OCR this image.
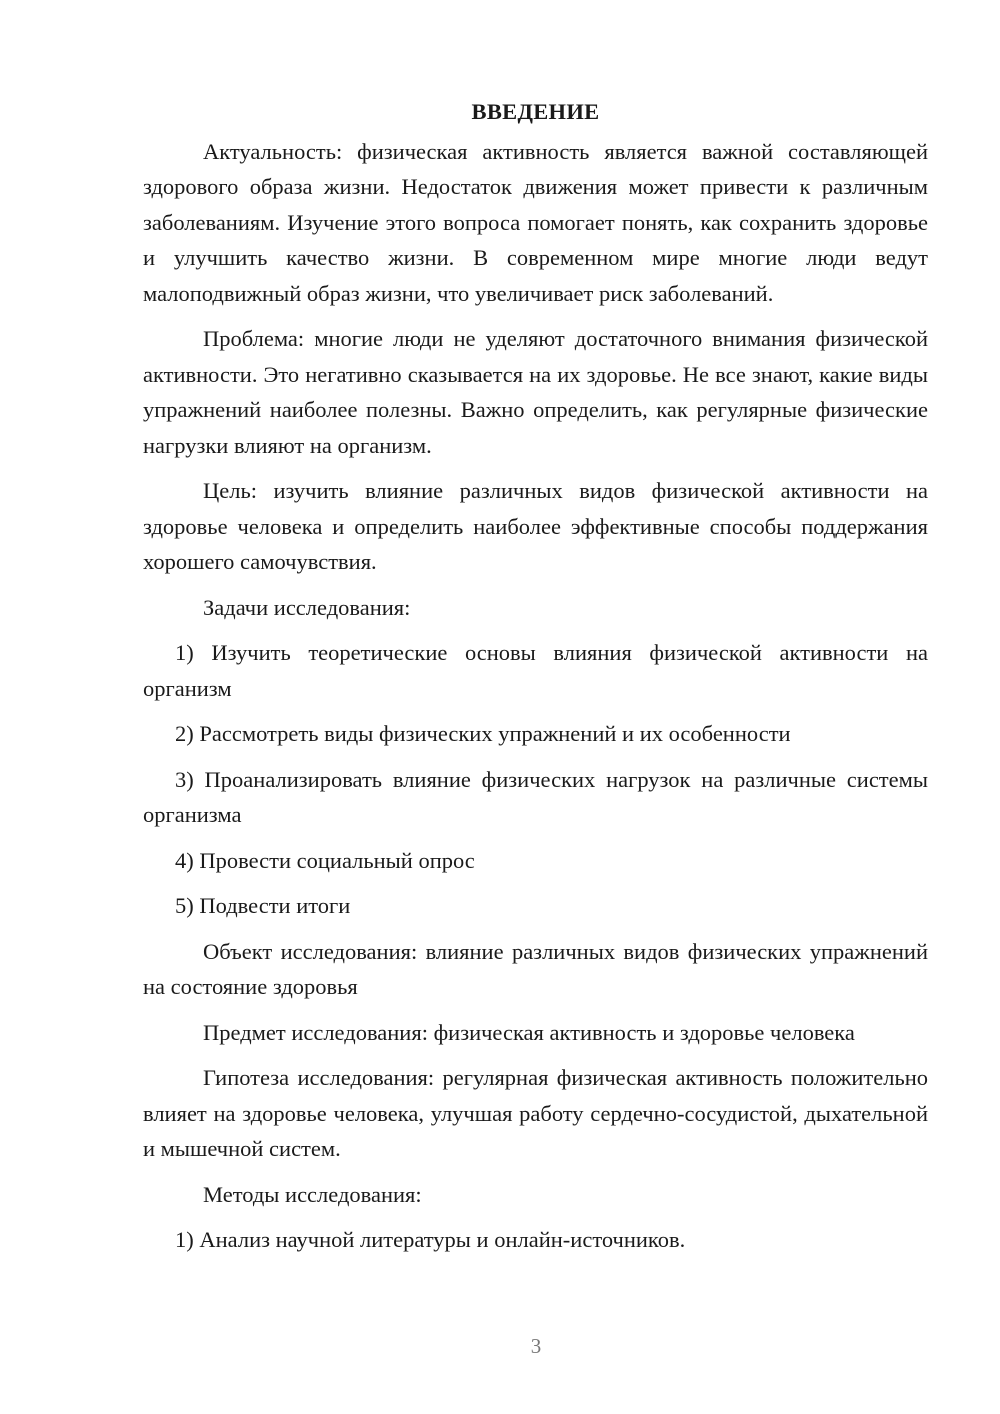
ВВЕДЕНИЕ

Актуальность: физическая активность является важной составляющей здорового образа жизни. Недостаток движения может привести к различным заболеваниям. Изучение этого вопроса помогает понять, как сохранить здоровье и улучшить качество жизни. В современном мире многие люди ведут малоподвижный образ жизни, что увеличивает риск заболеваний.

Проблема: многие люди не уделяют достаточного внимания физической активности. Это негативно сказывается на их здоровье. Не все знают, какие виды упражнений наиболее полезны. Важно определить, как регулярные физические нагрузки влияют на организм.

Цель: изучить влияние различных видов физической активности на здоровье человека и определить наиболее эффективные способы поддержания хорошего самочувствия.

Задачи исследования:

1) Изучить теоретические основы влияния физической активности на организм

2) Рассмотреть виды физических упражнений и их особенности

3) Проанализировать влияние физических нагрузок на различные системы организма

4) Провести социальный опрос

5) Подвести итоги

Объект исследования: влияние различных видов физических упражнений на состояние здоровья

Предмет исследования: физическая активность и здоровье человека

Гипотеза исследования: регулярная физическая активность положительно влияет на здоровье человека, улучшая работу сердечно-сосудистой, дыхательной и мышечной систем.

Методы исследования:

1) Анализ научной литературы и онлайн-источников.

3
